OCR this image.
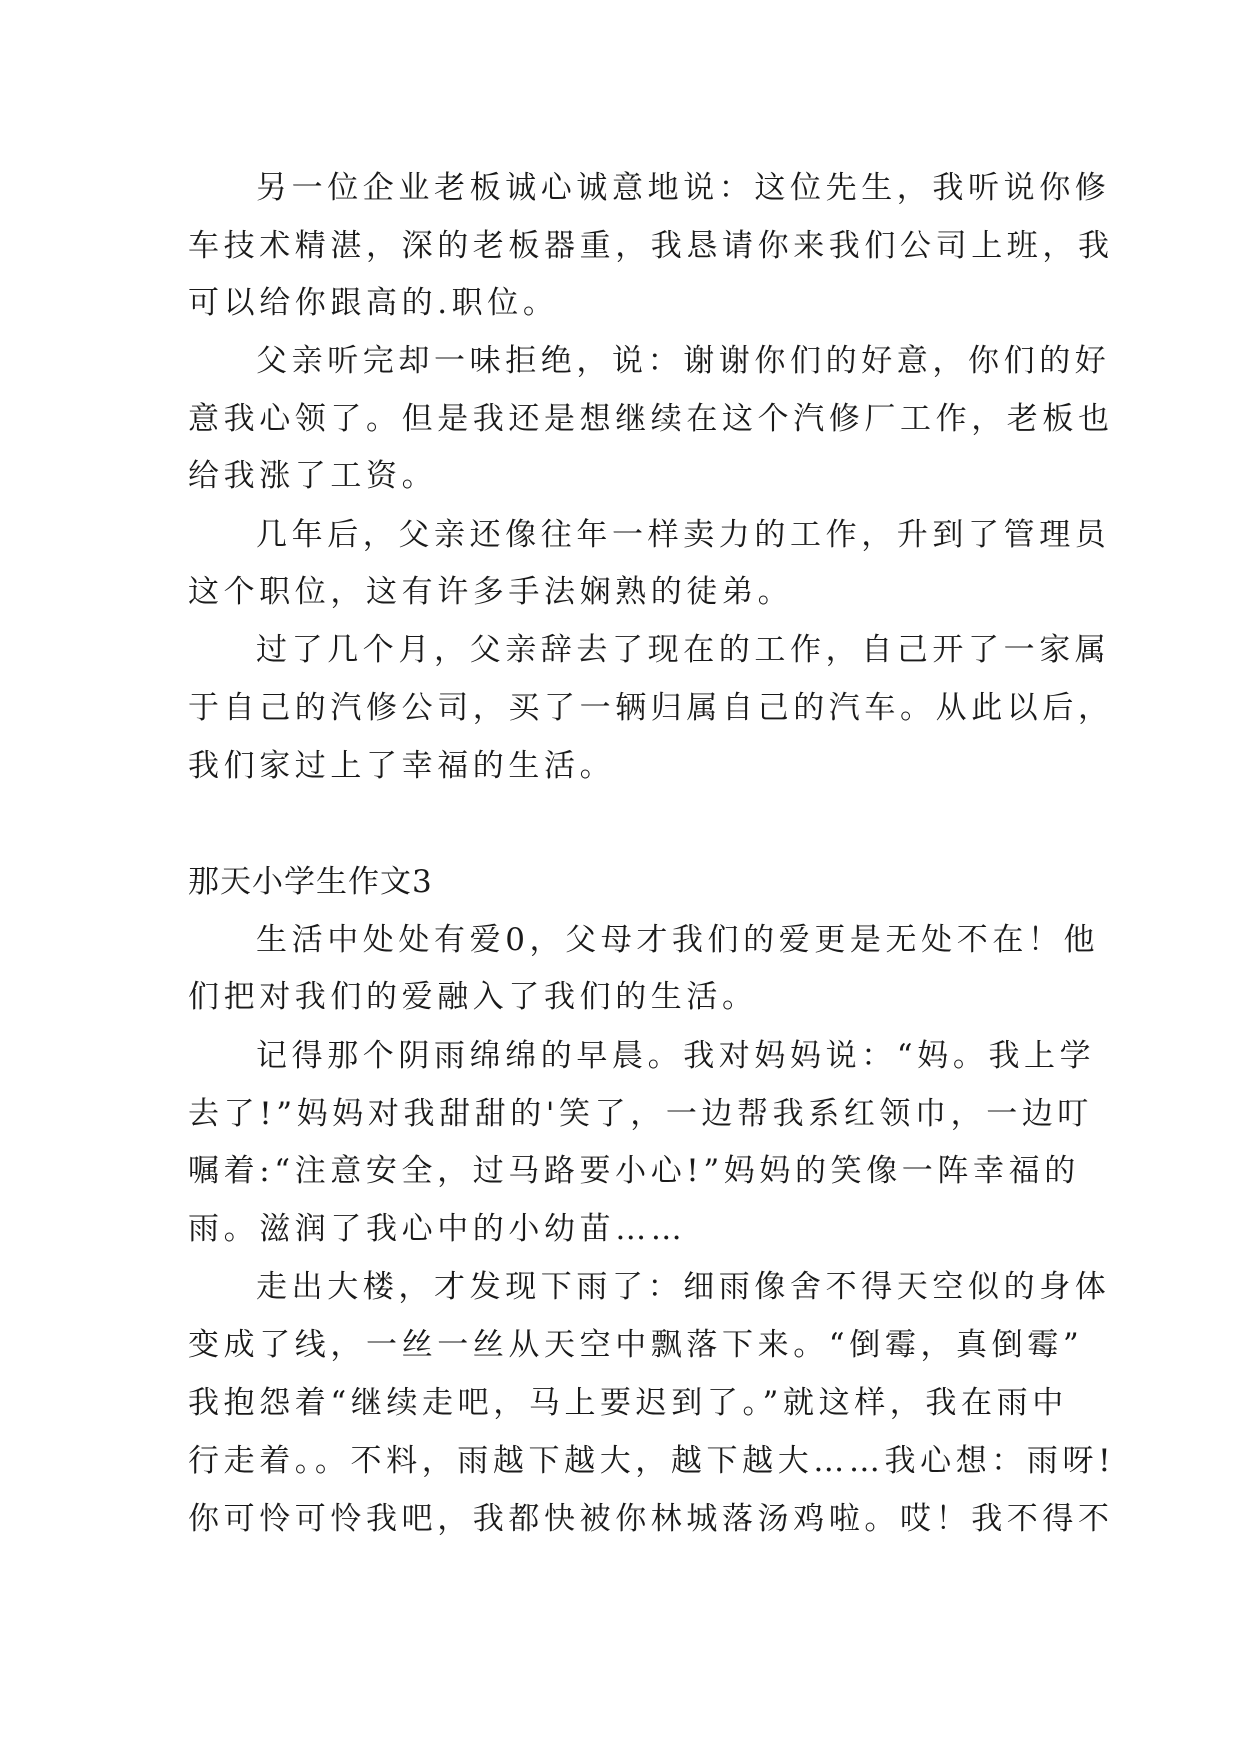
另一位企业老板诚心诚意地说：这位先生，我听说你修
车技术精湛，深的老板器重，我恳请你来我们公司上班，我
可以给你跟高的.职位。
父亲听完却一味拒绝，说：谢谢你们的好意，你们的好
意我心领了。但是我还是想继续在这个汽修厂工作，老板也
给我涨了工资。
几年后，父亲还像往年一样卖力的工作，升到了管理员
这个职位，这有许多手法娴熟的徒弟。
过了几个月，父亲辞去了现在的工作，自己开了一家属
于自己的汽修公司，买了一辆归属自己的汽车。从此以后，
我们家过上了幸福的生活。
那天小学生作文3
生活中处处有爱0，父母才我们的爱更是无处不在！他
们把对我们的爱融入了我们的生活。
记得那个阴雨绵绵的早晨。我对妈妈说：“妈。我上学
去了!”妈妈对我甜甜的'笑了，一边帮我系红领巾，一边叮
嘱着:“注意安全，过马路要小心!”妈妈的笑像一阵幸福的
雨。滋润了我心中的小幼苗……
走出大楼，才发现下雨了：细雨像舍不得天空似的身体
变成了线，一丝一丝从天空中飘落下来。“倒霉，真倒霉”
我抱怨着“继续走吧，马上要迟到了。”就这样，我在雨中
行走着。。不料，雨越下越大，越下越大……我心想：雨呀!
你可怜可怜我吧，我都快被你林城落汤鸡啦。哎！我不得不
